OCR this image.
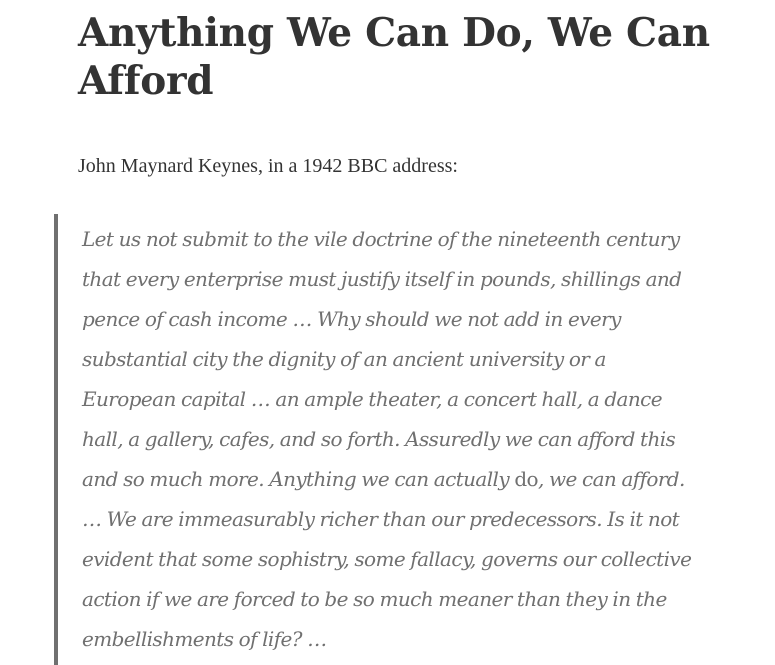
Anything We Can Do, We Can Afford

John Maynard Keynes, in a 1942 BBC address:

Let us not submit to the vile doctrine of the nineteenth century
that every enterprise must justify itself in pounds, shillings and
pence of cash income … Why should we not add in every
substantial city the dignity of an ancient university or a
European capital … an ample theater, a concert hall, a dance
hall, a gallery, cafes, and so forth. Assuredly we can afford this
and so much more. Anything we can actually do, we can afford.
… We are immeasurably richer than our predecessors. Is it not
evident that some sophistry, some fallacy, governs our collective
action if we are forced to be so much meaner than they in the
embellishments of life? …
